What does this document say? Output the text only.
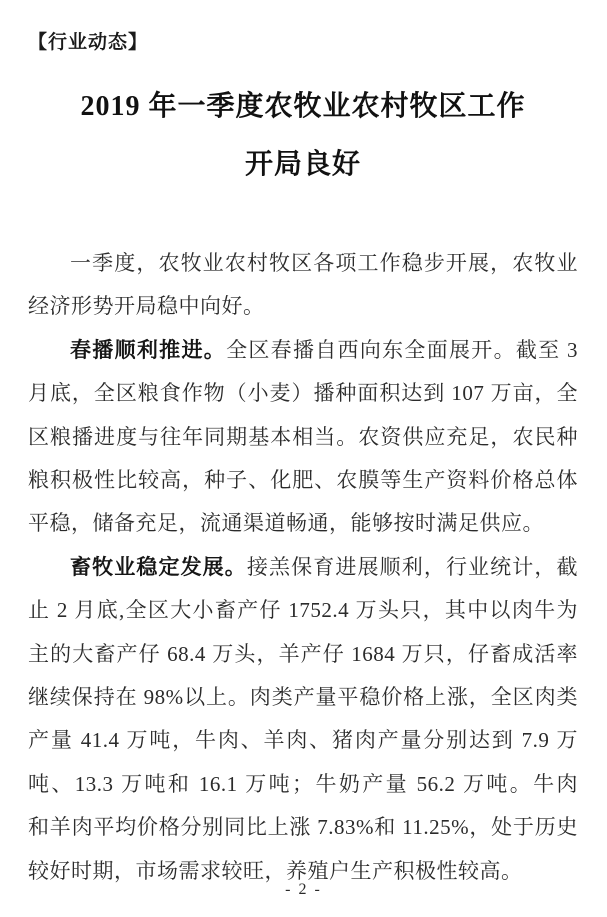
【行业动态】
2019 年一季度农牧业农村牧区工作
开局良好
一季度，农牧业农村牧区各项工作稳步开展，农牧业
经济形势开局稳中向好。
春播顺利推进。全区春播自西向东全面展开。截至 3
月底，全区粮食作物（小麦）播种面积达到 107 万亩，全
区粮播进度与往年同期基本相当。农资供应充足，农民种
粮积极性比较高，种子、化肥、农膜等生产资料价格总体
平稳，储备充足，流通渠道畅通，能够按时满足供应。
畜牧业稳定发展。接羔保育进展顺利，行业统计，截
止 2 月底,全区大小畜产仔 1752.4 万头只，其中以肉牛为
主的大畜产仔 68.4 万头，羊产仔 1684 万只，仔畜成活率
继续保持在 98%以上。肉类产量平稳价格上涨，全区肉类
产量 41.4 万吨，牛肉、羊肉、猪肉产量分别达到 7.9 万
吨、13.3 万吨和 16.1 万吨；牛奶产量 56.2 万吨。牛肉
和羊肉平均价格分别同比上涨 7.83%和 11.25%，处于历史
较好时期，市场需求较旺，养殖户生产积极性较高。
- 2 -
